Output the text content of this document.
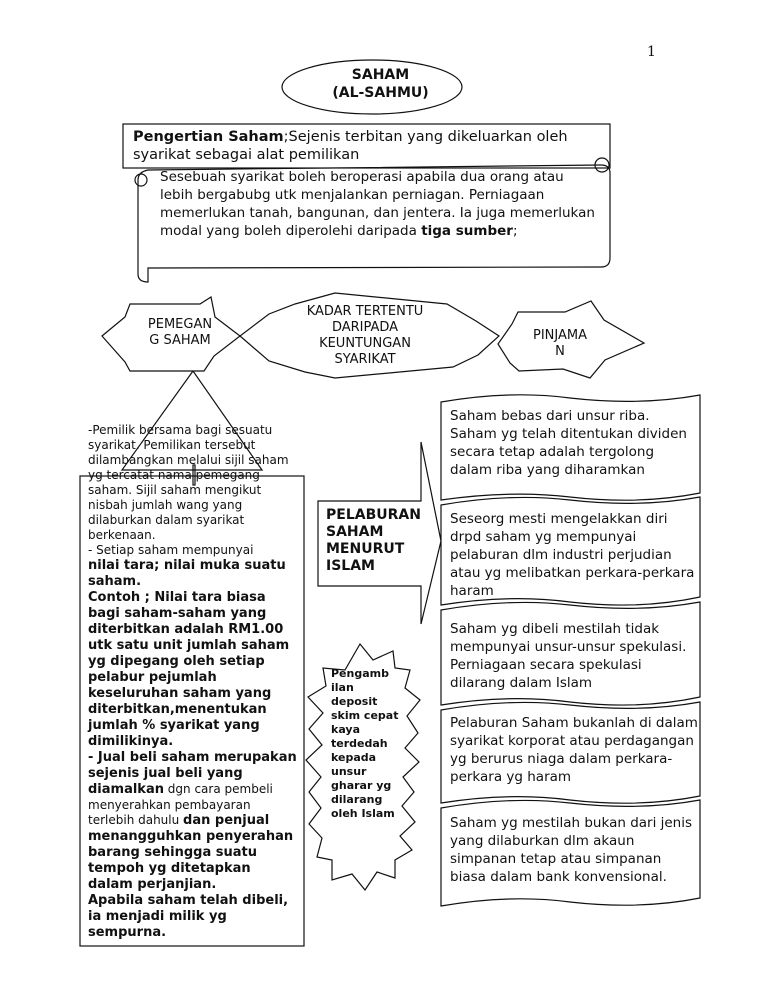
1
SAHAM
(AL-SAHMU)

Pengertian Saham;Sejenis terbitan yang dikeluarkan oleh syarikat sebagai alat pemilikan

Sesebuah syarikat boleh beroperasi apabila dua orang atau lebih bergabubg utk menjalankan perniagan. Perniagaan memerlukan tanah, bangunan, dan jentera. Ia juga memerlukan modal yang boleh diperolehi daripada tiga sumber;

PEMEGAN
G SAHAM
KADAR TERTENTU
DARIPADA
KEUNTUNGAN
SYARIKAT
PINJAMA
N
-Pemilik bersama bagi sesuatu syarikat. Pemilikan tersebut dilambangkan melalui sijil saham yg tercatat nama pemegang saham. Sijil saham mengikut nisbah jumlah wang yang dilaburkan dalam syarikat berkenaan.
- Setiap saham mempunyai
nilai tara; nilai muka suatu saham.
Contoh ; Nilai tara biasa bagi saham-saham yang diterbitkan adalah RM1.00 utk satu unit jumlah saham yg dipegang oleh setiap pelabur pejumlah keseluruhan saham yang diterbitkan,menentukan jumlah % syarikat yang dimilikinya.
- Jual beli saham merupakan sejenis jual beli yang diamalkan dgn cara pembeli menyerahkan pembayaran terlebih dahulu dan penjual menangguhkan penyerahan barang sehingga suatu tempoh yg ditetapkan dalam perjanjian.
Apabila saham telah dibeli, ia menjadi milik yg sempurna.
PELABURAN
SAHAM
MENURUT
ISLAM
Pengamb ilan deposit skim cepat kaya terdedah kepada unsur gharar yg dilarang oleh Islam
Saham bebas dari unsur riba. Saham yg telah ditentukan dividen secara tetap adalah tergolong dalam riba yang diharamkan
Seseorg mesti mengelakkan diri drpd saham yg mempunyai pelaburan dlm industri perjudian atau yg melibatkan perkara-perkara haram
Saham yg dibeli mestilah tidak mempunyai unsur-unsur spekulasi. Perniagaan secara spekulasi dilarang dalam Islam
Pelaburan Saham bukanlah di dalam syarikat korporat atau perdagangan yg berurus niaga dalam perkara-perkara yg haram
Saham yg mestilah bukan dari jenis yang dilaburkan dlm akaun simpanan tetap atau simpanan biasa dalam bank konvensional.
